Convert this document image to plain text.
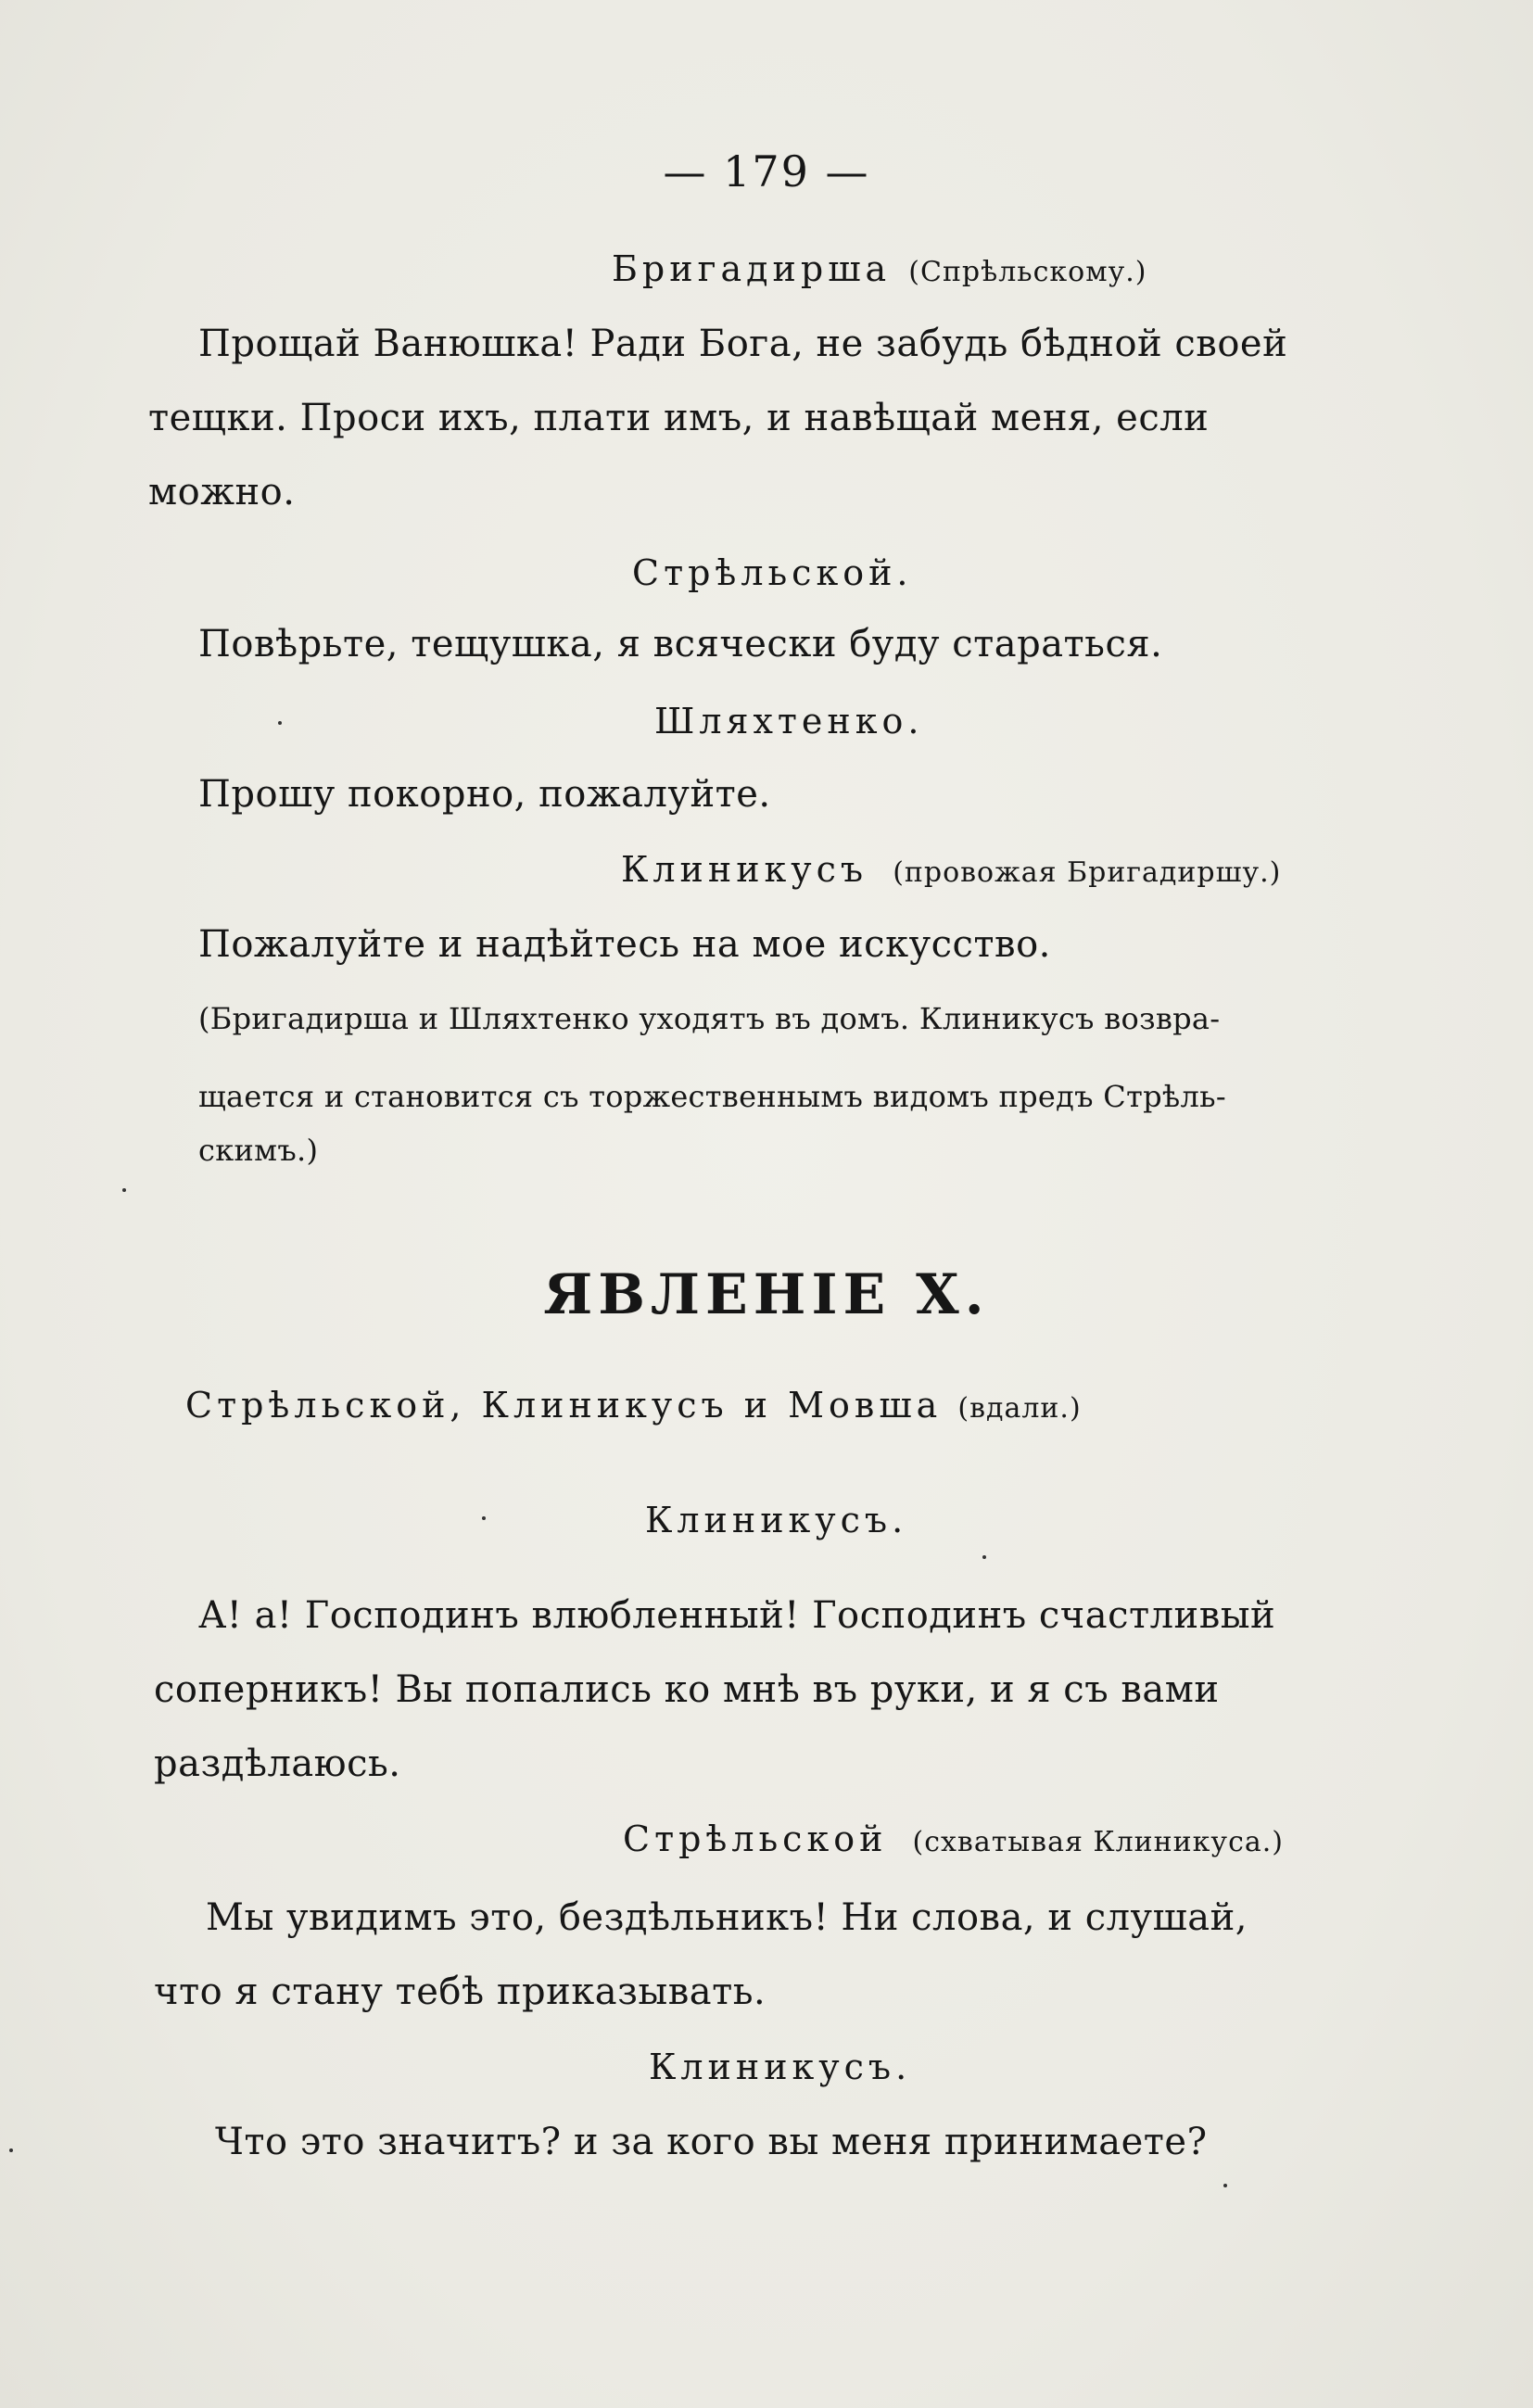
— 179 —
Бригадирша (Спрѣльскому.)
Прощай Ванюшка! Ради Бога, не забудь бѣдной своей
тещки. Проси ихъ, плати имъ, и навѣщай меня, если
можно.
Стрѣльской.
Повѣрьте, тещушка, я всячески буду стараться.
Шляхтенко.
Прошу покорно, пожалуйте.
Клиникусъ (провожая Бригадиршу.)
Пожалуйте и надѣйтесь на мое искусство.
(Бригадирша и Шляхтенко уходятъ въ домъ. Клиникусъ возвра-
щается и становится съ торжественнымъ видомъ предъ Стрѣль-
скимъ.)
ЯВЛЕНІЕ X.
Стрѣльской, Клиникусъ и Мовша (вдали.)
Клиникусъ.
А! а! Господинъ влюбленный! Господинъ счастливый
соперникъ! Вы попались ко мнѣ въ руки, и я съ вами
раздѣлаюсь.
Стрѣльской (схватывая Клиникуса.)
Мы увидимъ это, бездѣльникъ! Ни слова, и слушай,
что я стану тебѣ приказывать.
Клиникусъ.
Что это значитъ? и за кого вы меня принимаете?
